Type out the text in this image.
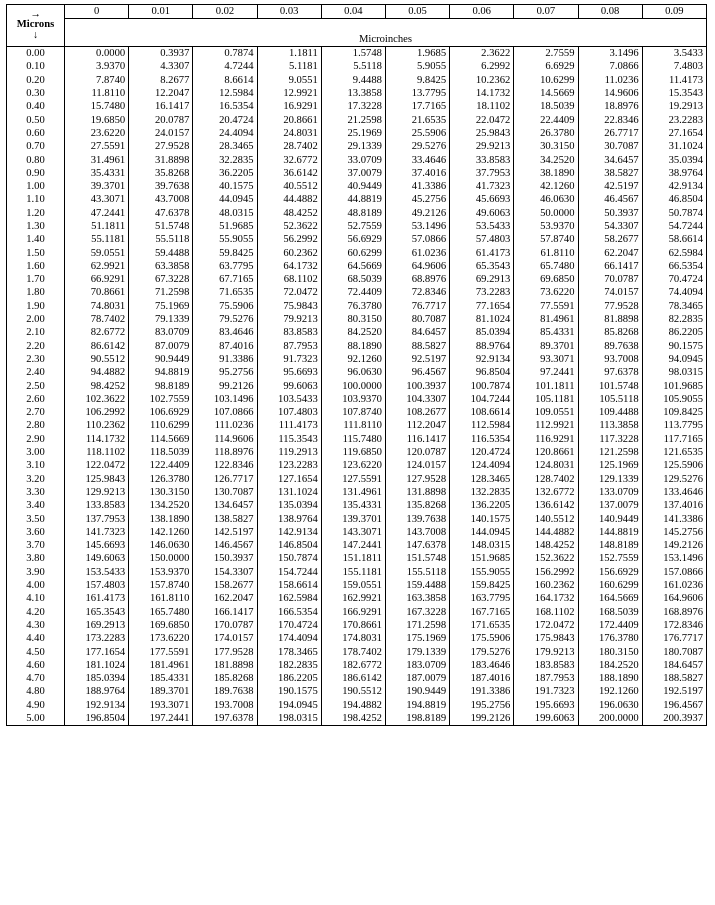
→
Microns
↓	0	0.01	0.02	0.03	0.04	0.05	0.06	0.07	0.08	0.09
	Microinches									
0.00	0.0000	0.3937	0.7874	1.1811	1.5748	1.9685	2.3622	2.7559	3.1496	3.5433
0.10	3.9370	4.3307	4.7244	5.1181	5.5118	5.9055	6.2992	6.6929	7.0866	7.4803
0.20	7.8740	8.2677	8.6614	9.0551	9.4488	9.8425	10.2362	10.6299	11.0236	11.4173
0.30	11.8110	12.2047	12.5984	12.9921	13.3858	13.7795	14.1732	14.5669	14.9606	15.3543
0.40	15.7480	16.1417	16.5354	16.9291	17.3228	17.7165	18.1102	18.5039	18.8976	19.2913
0.50	19.6850	20.0787	20.4724	20.8661	21.2598	21.6535	22.0472	22.4409	22.8346	23.2283
0.60	23.6220	24.0157	24.4094	24.8031	25.1969	25.5906	25.9843	26.3780	26.7717	27.1654
0.70	27.5591	27.9528	28.3465	28.7402	29.1339	29.5276	29.9213	30.3150	30.7087	31.1024
0.80	31.4961	31.8898	32.2835	32.6772	33.0709	33.4646	33.8583	34.2520	34.6457	35.0394
0.90	35.4331	35.8268	36.2205	36.6142	37.0079	37.4016	37.7953	38.1890	38.5827	38.9764
1.00	39.3701	39.7638	40.1575	40.5512	40.9449	41.3386	41.7323	42.1260	42.5197	42.9134
1.10	43.3071	43.7008	44.0945	44.4882	44.8819	45.2756	45.6693	46.0630	46.4567	46.8504
1.20	47.2441	47.6378	48.0315	48.4252	48.8189	49.2126	49.6063	50.0000	50.3937	50.7874
1.30	51.1811	51.5748	51.9685	52.3622	52.7559	53.1496	53.5433	53.9370	54.3307	54.7244
1.40	55.1181	55.5118	55.9055	56.2992	56.6929	57.0866	57.4803	57.8740	58.2677	58.6614
1.50	59.0551	59.4488	59.8425	60.2362	60.6299	61.0236	61.4173	61.8110	62.2047	62.5984
1.60	62.9921	63.3858	63.7795	64.1732	64.5669	64.9606	65.3543	65.7480	66.1417	66.5354
1.70	66.9291	67.3228	67.7165	68.1102	68.5039	68.8976	69.2913	69.6850	70.0787	70.4724
1.80	70.8661	71.2598	71.6535	72.0472	72.4409	72.8346	73.2283	73.6220	74.0157	74.4094
1.90	74.8031	75.1969	75.5906	75.9843	76.3780	76.7717	77.1654	77.5591	77.9528	78.3465
2.00	78.7402	79.1339	79.5276	79.9213	80.3150	80.7087	81.1024	81.4961	81.8898	82.2835
2.10	82.6772	83.0709	83.4646	83.8583	84.2520	84.6457	85.0394	85.4331	85.8268	86.2205
2.20	86.6142	87.0079	87.4016	87.7953	88.1890	88.5827	88.9764	89.3701	89.7638	90.1575
2.30	90.5512	90.9449	91.3386	91.7323	92.1260	92.5197	92.9134	93.3071	93.7008	94.0945
2.40	94.4882	94.8819	95.2756	95.6693	96.0630	96.4567	96.8504	97.2441	97.6378	98.0315
2.50	98.4252	98.8189	99.2126	99.6063	100.0000	100.3937	100.7874	101.1811	101.5748	101.9685
2.60	102.3622	102.7559	103.1496	103.5433	103.9370	104.3307	104.7244	105.1181	105.5118	105.9055
2.70	106.2992	106.6929	107.0866	107.4803	107.8740	108.2677	108.6614	109.0551	109.4488	109.8425
2.80	110.2362	110.6299	111.0236	111.4173	111.8110	112.2047	112.5984	112.9921	113.3858	113.7795
2.90	114.1732	114.5669	114.9606	115.3543	115.7480	116.1417	116.5354	116.9291	117.3228	117.7165
3.00	118.1102	118.5039	118.8976	119.2913	119.6850	120.0787	120.4724	120.8661	121.2598	121.6535
3.10	122.0472	122.4409	122.8346	123.2283	123.6220	124.0157	124.4094	124.8031	125.1969	125.5906
3.20	125.9843	126.3780	126.7717	127.1654	127.5591	127.9528	128.3465	128.7402	129.1339	129.5276
3.30	129.9213	130.3150	130.7087	131.1024	131.4961	131.8898	132.2835	132.6772	133.0709	133.4646
3.40	133.8583	134.2520	134.6457	135.0394	135.4331	135.8268	136.2205	136.6142	137.0079	137.4016
3.50	137.7953	138.1890	138.5827	138.9764	139.3701	139.7638	140.1575	140.5512	140.9449	141.3386
3.60	141.7323	142.1260	142.5197	142.9134	143.3071	143.7008	144.0945	144.4882	144.8819	145.2756
3.70	145.6693	146.0630	146.4567	146.8504	147.2441	147.6378	148.0315	148.4252	148.8189	149.2126
3.80	149.6063	150.0000	150.3937	150.7874	151.1811	151.5748	151.9685	152.3622	152.7559	153.1496
3.90	153.5433	153.9370	154.3307	154.7244	155.1181	155.5118	155.9055	156.2992	156.6929	157.0866
4.00	157.4803	157.8740	158.2677	158.6614	159.0551	159.4488	159.8425	160.2362	160.6299	161.0236
4.10	161.4173	161.8110	162.2047	162.5984	162.9921	163.3858	163.7795	164.1732	164.5669	164.9606
4.20	165.3543	165.7480	166.1417	166.5354	166.9291	167.3228	167.7165	168.1102	168.5039	168.8976
4.30	169.2913	169.6850	170.0787	170.4724	170.8661	171.2598	171.6535	172.0472	172.4409	172.8346
4.40	173.2283	173.6220	174.0157	174.4094	174.8031	175.1969	175.5906	175.9843	176.3780	176.7717
4.50	177.1654	177.5591	177.9528	178.3465	178.7402	179.1339	179.5276	179.9213	180.3150	180.7087
4.60	181.1024	181.4961	181.8898	182.2835	182.6772	183.0709	183.4646	183.8583	184.2520	184.6457
4.70	185.0394	185.4331	185.8268	186.2205	186.6142	187.0079	187.4016	187.7953	188.1890	188.5827
4.80	188.9764	189.3701	189.7638	190.1575	190.5512	190.9449	191.3386	191.7323	192.1260	192.5197
4.90	192.9134	193.3071	193.7008	194.0945	194.4882	194.8819	195.2756	195.6693	196.0630	196.4567
5.00	196.8504	197.2441	197.6378	198.0315	198.4252	198.8189	199.2126	199.6063	200.0000	200.3937
